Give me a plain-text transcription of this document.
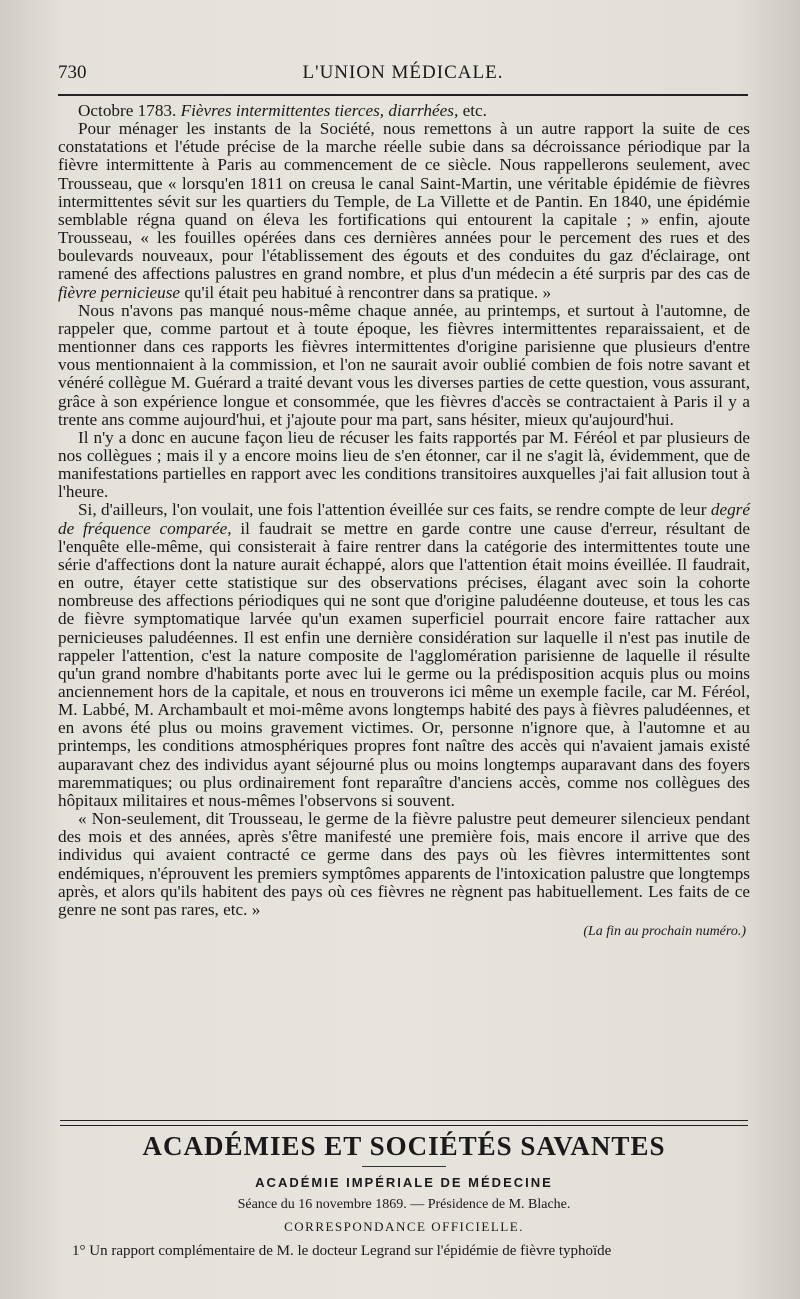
730	L'UNION MÉDICALE.

Octobre 1783. Fièvres intermittentes tierces, diarrhées, etc.

Pour ménager les instants de la Société, nous remettons à un autre rapport la suite de ces constatations et l'étude précise de la marche réelle subie dans sa décroissance périodique par la fièvre intermittente à Paris au commencement de ce siècle. Nous rappellerons seulement, avec Trousseau, que « lorsqu'en 1811 on creusa le canal Saint-Martin, une véritable épidémie de fièvres intermittentes sévit sur les quartiers du Temple, de La Villette et de Pantin. En 1840, une épidémie semblable régna quand on éleva les fortifications qui entourent la capitale ; » enfin, ajoute Trousseau, « les fouilles opérées dans ces dernières années pour le percement des rues et des boulevards nouveaux, pour l'établissement des égouts et des conduites du gaz d'éclairage, ont ramené des affections palustres en grand nombre, et plus d'un médecin a été surpris par des cas de fièvre pernicieuse qu'il était peu habitué à rencontrer dans sa pratique. »

Nous n'avons pas manqué nous-même chaque année, au printemps, et surtout à l'automne, de rappeler que, comme partout et à toute époque, les fièvres intermittentes reparaissaient, et de mentionner dans ces rapports les fièvres intermittentes d'origine parisienne que plusieurs d'entre vous mentionnaient à la commission, et l'on ne saurait avoir oublié combien de fois notre savant et vénéré collègue M. Guérard a traité devant vous les diverses parties de cette question, vous assurant, grâce à son expérience longue et consommée, que les fièvres d'accès se contractaient à Paris il y a trente ans comme aujourd'hui, et j'ajoute pour ma part, sans hésiter, mieux qu'aujourd'hui.

Il n'y a donc en aucune façon lieu de récuser les faits rapportés par M. Féréol et par plusieurs de nos collègues ; mais il y a encore moins lieu de s'en étonner, car il ne s'agit là, évidemment, que de manifestations partielles en rapport avec les conditions transitoires auxquelles j'ai fait allusion tout à l'heure.

Si, d'ailleurs, l'on voulait, une fois l'attention éveillée sur ces faits, se rendre compte de leur degré de fréquence comparée, il faudrait se mettre en garde contre une cause d'erreur, résultant de l'enquête elle-même, qui consisterait à faire rentrer dans la catégorie des intermittentes toute une série d'affections dont la nature aurait échappé, alors que l'attention était moins éveillée. Il faudrait, en outre, étayer cette statistique sur des observations précises, élagant avec soin la cohorte nombreuse des affections périodiques qui ne sont que d'origine paludéenne douteuse, et tous les cas de fièvre symptomatique larvée qu'un examen superficiel pourrait encore faire rattacher aux pernicieuses paludéennes. Il est enfin une dernière considération sur laquelle il n'est pas inutile de rappeler l'attention, c'est la nature composite de l'agglomération parisienne de laquelle il résulte qu'un grand nombre d'habitants porte avec lui le germe ou la prédisposition acquis plus ou moins anciennement hors de la capitale, et nous en trouverons ici même un exemple facile, car M. Féréol, M. Labbé, M. Archambault et moi-même avons longtemps habité des pays à fièvres paludéennes, et en avons été plus ou moins gravement victimes. Or, personne n'ignore que, à l'automne et au printemps, les conditions atmosphériques propres font naître des accès qui n'avaient jamais existé auparavant chez des individus ayant séjourné plus ou moins longtemps auparavant dans des foyers maremmatiques; ou plus ordinairement font reparaître d'anciens accès, comme nos collègues des hôpitaux militaires et nous-mêmes l'observons si souvent.

« Non-seulement, dit Trousseau, le germe de la fièvre palustre peut demeurer silencieux pendant des mois et des années, après s'être manifesté une première fois, mais encore il arrive que des individus qui avaient contracté ce germe dans des pays où les fièvres intermittentes sont endémiques, n'éprouvent les premiers symptômes apparents de l'intoxication palustre que longtemps après, et alors qu'ils habitent des pays où ces fièvres ne règnent pas habituellement. Les faits de ce genre ne sont pas rares, etc. »

(La fin au prochain numéro.)

ACADÉMIES ET SOCIÉTÉS SAVANTES

ACADÉMIE IMPÉRIALE DE MÉDECINE

Séance du 16 novembre 1869. — Présidence de M. Blache.

CORRESPONDANCE OFFICIELLE.

1° Un rapport complémentaire de M. le docteur Legrand sur l'épidémie de fièvre typhoïde
